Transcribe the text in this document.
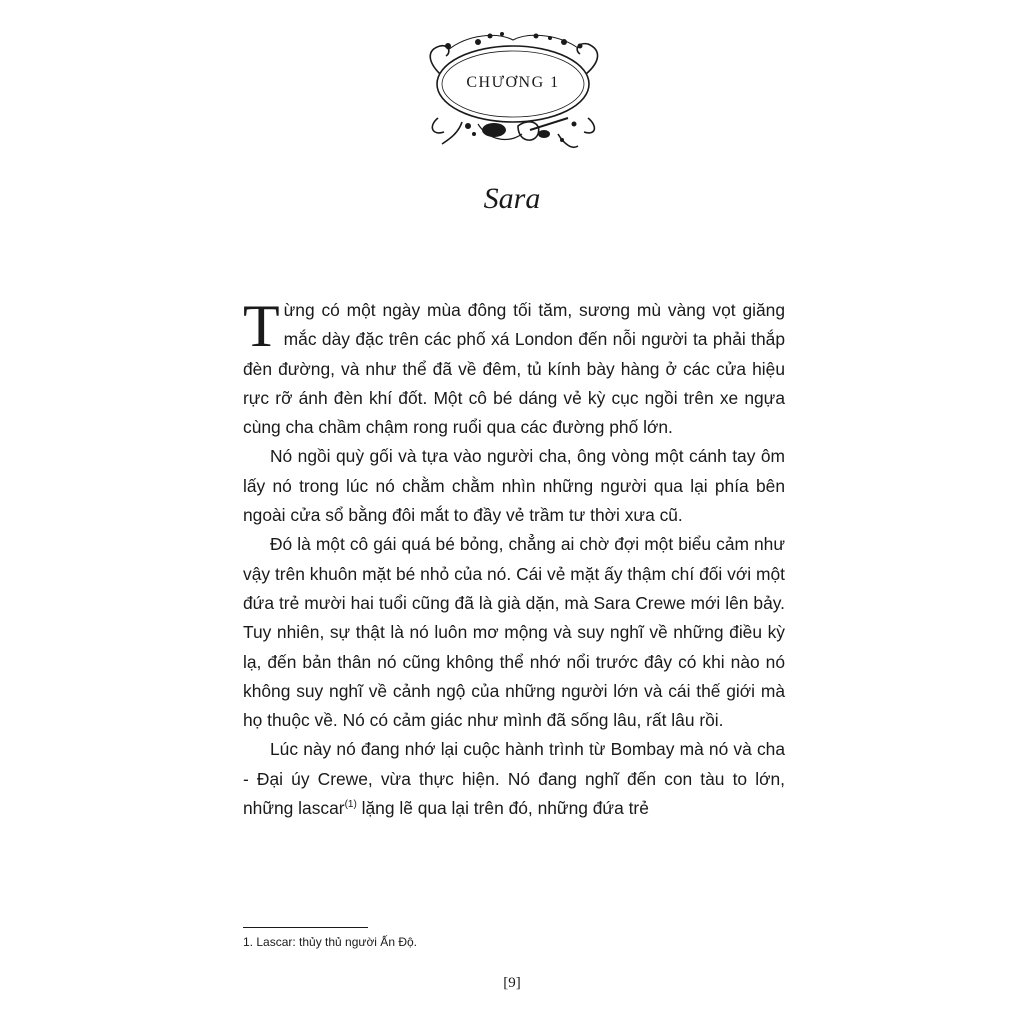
CHƯƠNG 1
Sara

Từng có một ngày mùa đông tối tăm, sương mù vàng vọt giăng mắc dày đặc trên các phố xá London đến nỗi người ta phải thắp đèn đường, và như thể đã về đêm, tủ kính bày hàng ở các cửa hiệu rực rỡ ánh đèn khí đốt. Một cô bé dáng vẻ kỳ cục ngồi trên xe ngựa cùng cha chầm chậm rong ruổi qua các đường phố lớn.

Nó ngồi quỳ gối và tựa vào người cha, ông vòng một cánh tay ôm lấy nó trong lúc nó chằm chằm nhìn những người qua lại phía bên ngoài cửa sổ bằng đôi mắt to đầy vẻ trầm tư thời xưa cũ.

Đó là một cô gái quá bé bỏng, chẳng ai chờ đợi một biểu cảm như vậy trên khuôn mặt bé nhỏ của nó. Cái vẻ mặt ấy thậm chí đối với một đứa trẻ mười hai tuổi cũng đã là già dặn, mà Sara Crewe mới lên bảy. Tuy nhiên, sự thật là nó luôn mơ mộng và suy nghĩ về những điều kỳ lạ, đến bản thân nó cũng không thể nhớ nổi trước đây có khi nào nó không suy nghĩ về cảnh ngộ của những người lớn và cái thế giới mà họ thuộc về. Nó có cảm giác như mình đã sống lâu, rất lâu rồi.

Lúc này nó đang nhớ lại cuộc hành trình từ Bombay mà nó và cha - Đại úy Crewe, vừa thực hiện. Nó đang nghĩ đến con tàu to lớn, những lascar$^{(1)}$ lặng lẽ qua lại trên đó, những đứa trẻ

1. Lascar: thủy thủ người Ấn Độ.
[9]
